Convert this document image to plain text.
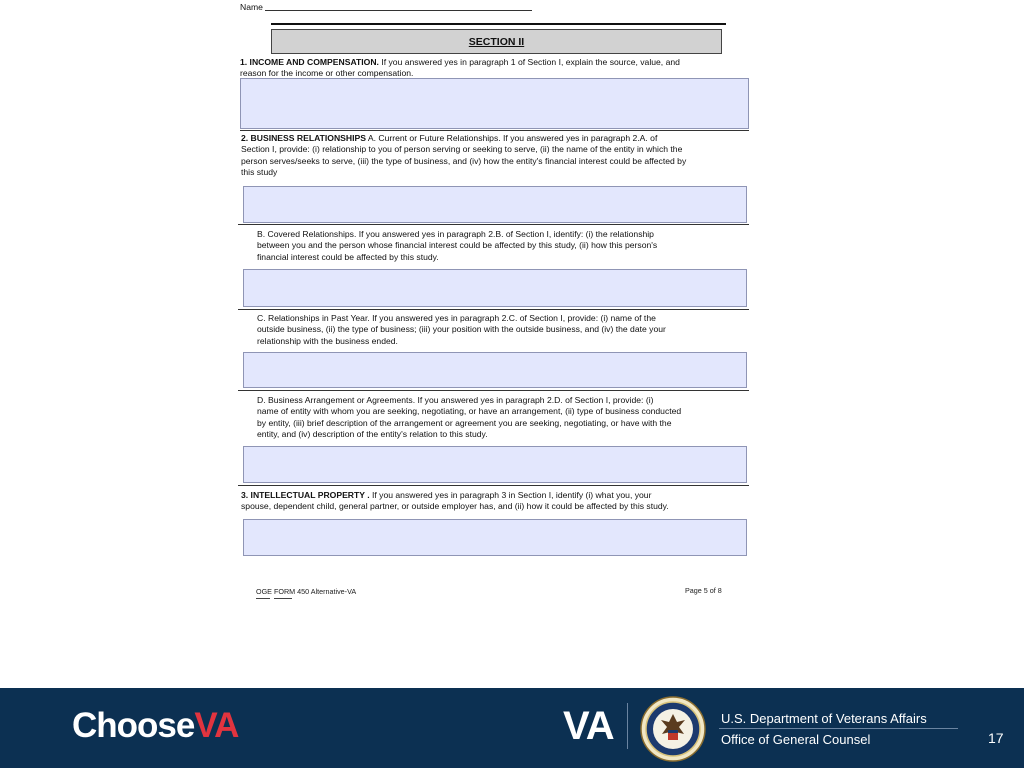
Name
SECTION II
1. INCOME AND COMPENSATION. If you answered yes in paragraph 1 of Section I, explain the source, value, and
reason for the income or other compensation.
2. BUSINESS RELATIONSHIPS A. Current or Future Relationships. If you answered yes in paragraph 2.A. of
Section I, provide: (i) relationship to you of person serving or seeking to serve, (ii) the name of the entity in which the
person serves/seeks to serve, (iii) the type of business, and (iv) how the entity's financial interest could be affected by
this study
B. Covered Relationships. If you answered yes in paragraph 2.B. of Section I, identify: (i) the relationship
between you and the person whose financial interest could be affected by this study, (ii) how this person's
financial interest could be affected by this study.
C. Relationships in Past Year. If you answered yes in paragraph 2.C. of Section I, provide: (i) name of the
outside business, (ii) the type of business; (iii) your position with the outside business, and (iv) the date your
relationship with the business ended.
D. Business Arrangement or Agreements. If you answered yes in paragraph 2.D. of Section I, provide: (i)
name of entity with whom you are seeking, negotiating, or have an arrangement, (ii) type of business conducted
by entity, (iii) brief description of the arrangement or agreement you are seeking, negotiating, or have with the
entity, and (iv) description of the entity's relation to this study.
3. INTELLECTUAL PROPERTY . If you answered yes in paragraph 3 in Section I, identify (i) what you, your
spouse, dependent child, general partner, or outside employer has, and (ii) how it could be affected by this study.
OGE FORM 450 Alternative-VA	Page 5 of 8
ChooseVA	VA	U.S. Department of Veterans Affairs
Office of General Counsel	17
